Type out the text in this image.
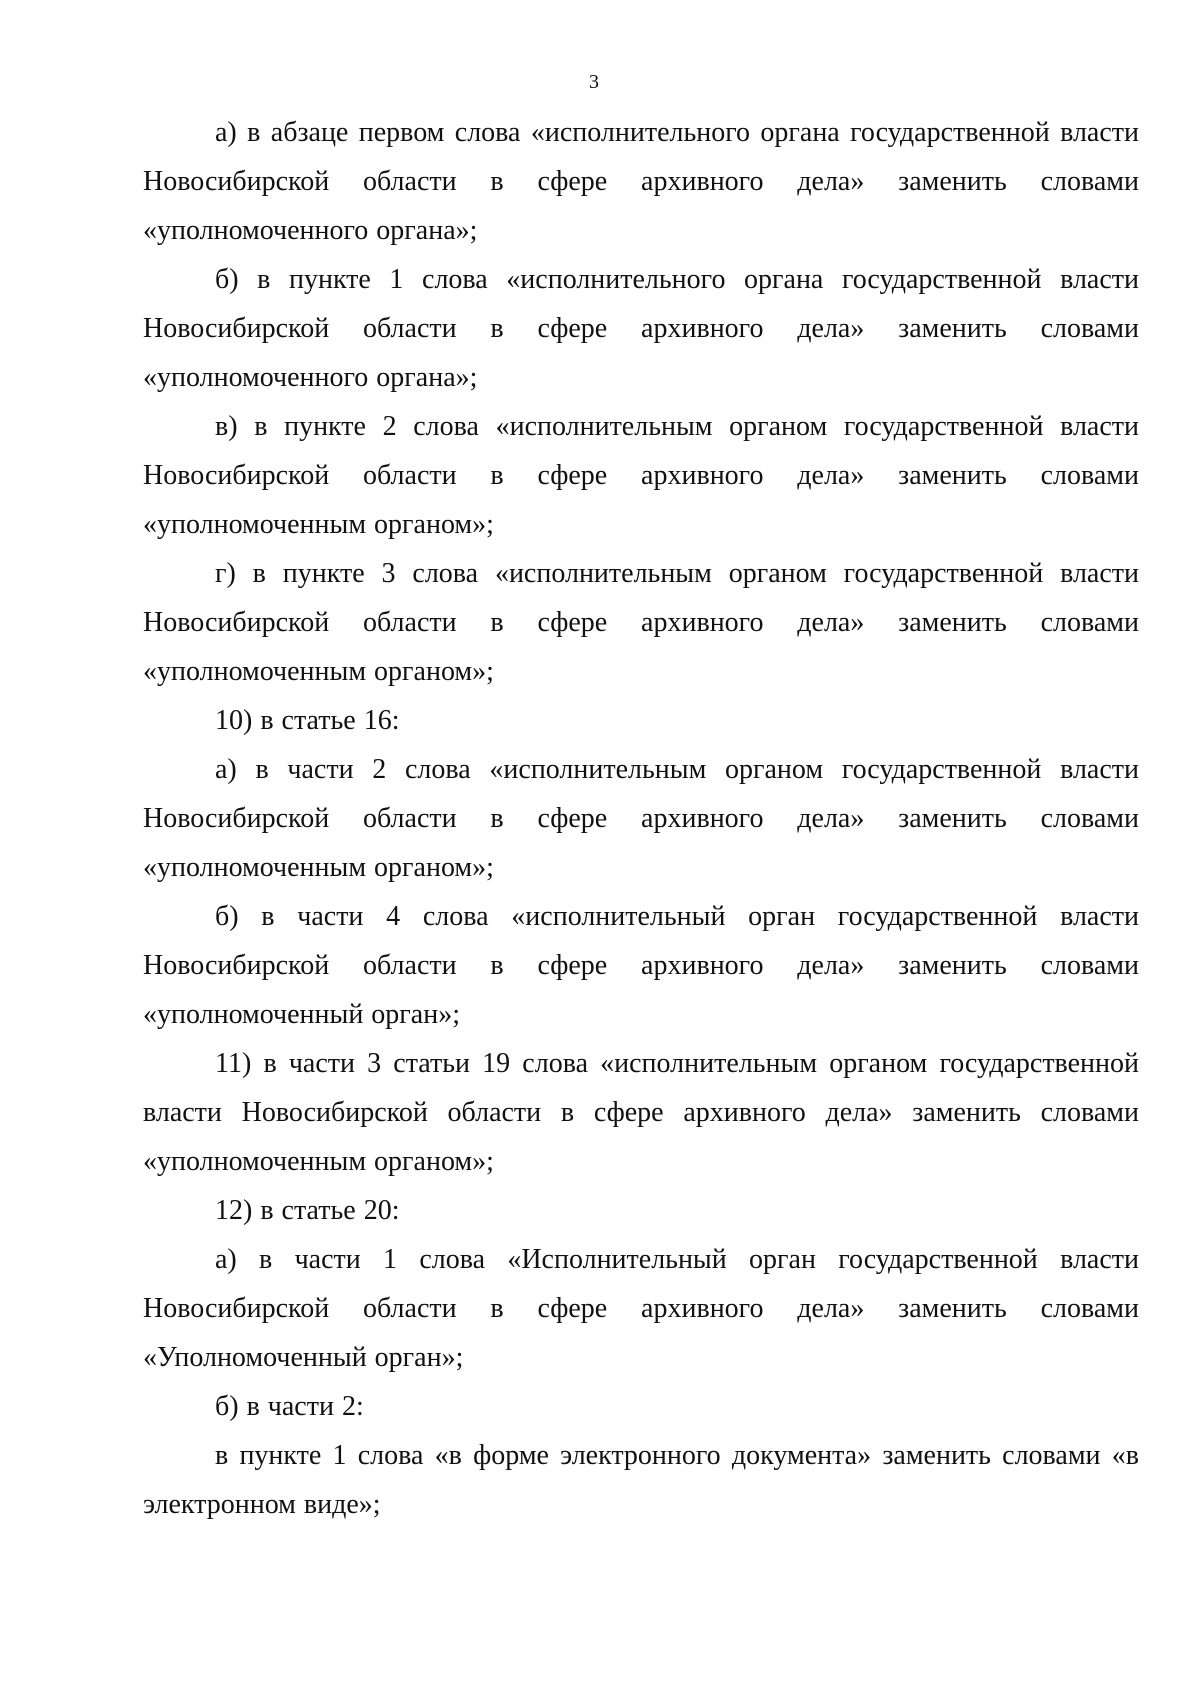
3

а) в абзаце первом слова «исполнительного органа государственной власти Новосибирской области в сфере архивного дела» заменить словами «уполномоченного органа»;

б) в пункте 1 слова «исполнительного органа государственной власти Новосибирской области в сфере архивного дела» заменить словами «уполномоченного органа»;

в) в пункте 2 слова «исполнительным органом государственной власти Новосибирской области в сфере архивного дела» заменить словами «уполномоченным органом»;

г) в пункте 3 слова «исполнительным органом государственной власти Новосибирской области в сфере архивного дела» заменить словами «уполномоченным органом»;

10) в статье 16:

а) в части 2 слова «исполнительным органом государственной власти Новосибирской области в сфере архивного дела» заменить словами «уполномоченным органом»;

б) в части 4 слова «исполнительный орган государственной власти Новосибирской области в сфере архивного дела» заменить словами «уполномоченный орган»;

11) в части 3 статьи 19 слова «исполнительным органом государственной власти Новосибирской области в сфере архивного дела» заменить словами «уполномоченным органом»;

12) в статье 20:

а) в части 1 слова «Исполнительный орган государственной власти Новосибирской области в сфере архивного дела» заменить словами «Уполномоченный орган»;

б) в части 2:

в пункте 1 слова «в форме электронного документа» заменить словами «в электронном виде»;
